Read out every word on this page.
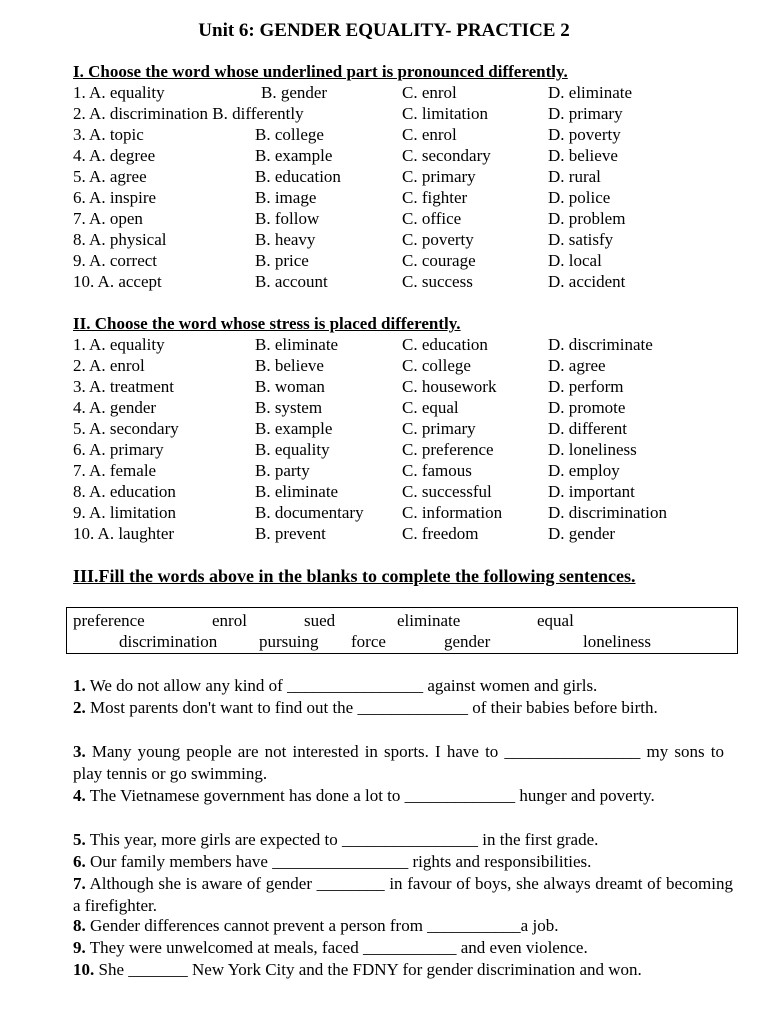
Unit 6: GENDER EQUALITY- PRACTICE 2
I. Choose the word whose underlined part is pronounced differently.
1. A. equality	B. gender	C. enrol	D. eliminate
2. A. discrimination B. differently	C. limitation	D. primary
3. A. topic	B. college	C. enrol	D. poverty
4. A. degree	B. example	C. secondary	D. believe
5. A. agree	B. education	C. primary	D. rural
6. A. inspire	B. image	C. fighter	D. police
7. A. open	B. follow	C. office	D. problem
8. A. physical	B. heavy	C. poverty	D. satisfy
9. A. correct	B. price	C. courage	D. local
10. A. accept	B. account	C. success	D. accident
II. Choose the word whose stress is placed differently.
1. A. equality	B. eliminate	C. education	D. discriminate
2. A. enrol	B. believe	C. college	D. agree
3. A. treatment	B. woman	C. housework	D. perform
4. A. gender	B. system	C. equal	D. promote
5. A. secondary	B. example	C. primary	D. different
6. A. primary	B. equality	C. preference	D. loneliness
7. A. female	B. party	C. famous	D. employ
8. A. education	B. eliminate	C. successful	D. important
9. A. limitation	B. documentary C. information	D. discrimination
10. A. laughter	B. prevent	C. freedom	D. gender
III.Fill the words above in the blanks to complete the following sentences.
preference	enrol	sued	eliminate	equal
discrimination pursuing force	gender	loneliness
1. We do not allow any kind of ________________ against women and girls.
2. Most parents don't want to find out the _____________ of their babies before birth.
3. Many young people are not interested in sports. I have to ________________ my sons to play tennis or go swimming.
4. The Vietnamese government has done a lot to _____________ hunger and poverty.
5. This year, more girls are expected to ________________ in the first grade.
6. Our family members have ________________ rights and responsibilities.
7. Although she is aware of gender ________ in favour of boys, she always dreamt of becoming a firefighter.
8. Gender differences cannot prevent a person from ___________a job.
9. They were unwelcomed at meals, faced ___________ and even violence.
10. She _______ New York City and the FDNY for gender discrimination and won.
